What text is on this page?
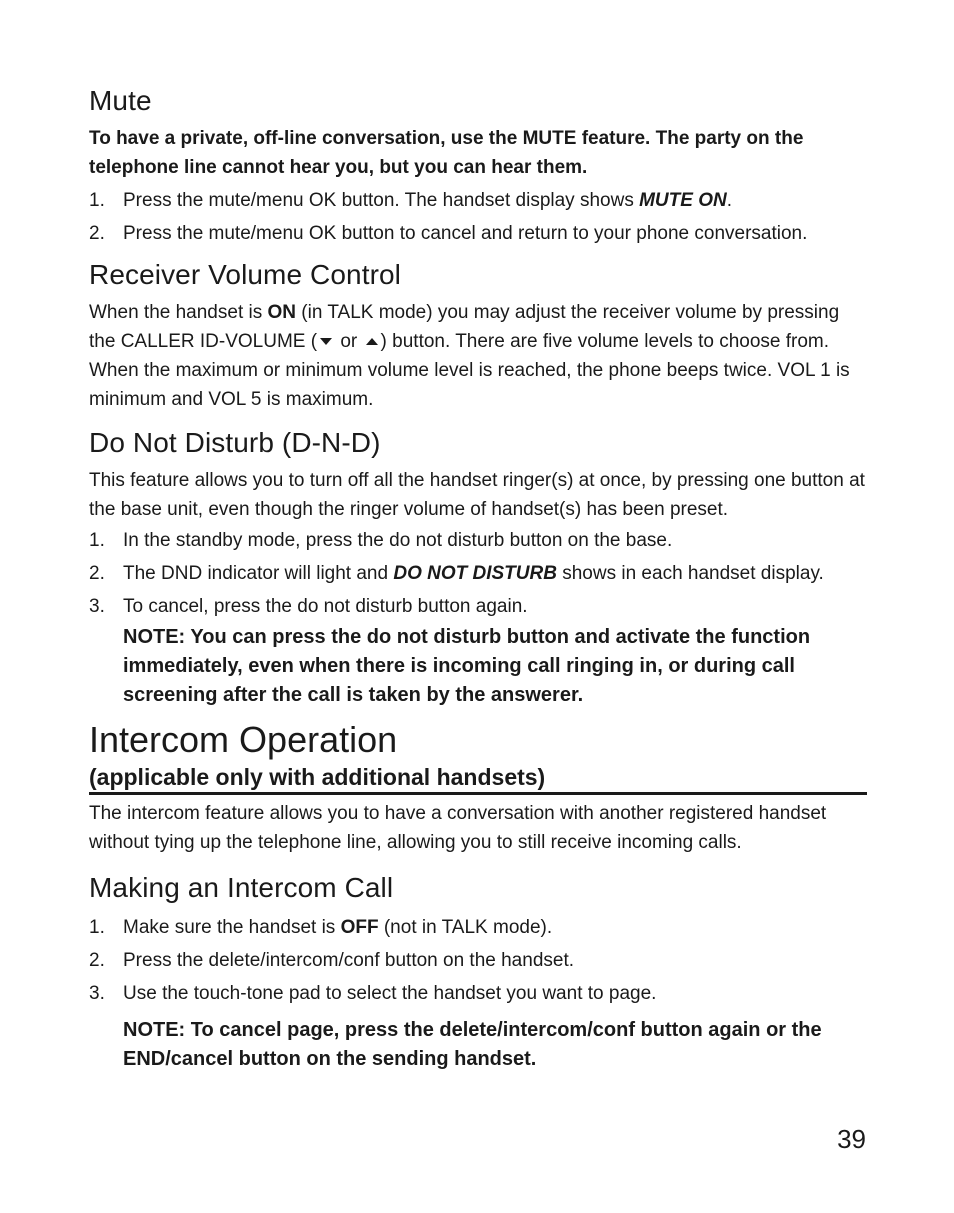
Mute

To have a private, off-line conversation, use the MUTE feature. The party on the telephone line cannot hear you, but you can hear them.

1. Press the mute/menu OK button. The handset display shows MUTE ON.
2. Press the mute/menu OK button to cancel and return to your phone conversation.
Receiver Volume Control

When the handset is ON (in TALK mode) you may adjust the receiver volume by pressing the CALLER ID-VOLUME ( or ) button. There are five volume levels to choose from. When the maximum or minimum volume level is reached, the phone beeps twice. VOL 1 is minimum and VOL 5 is maximum.

Do Not Disturb (D-N-D)

This feature allows you to turn off all the handset ringer(s) at once, by pressing one button at the base unit, even though the ringer volume of handset(s) has been preset.

1. In the standby mode, press the do not disturb button on the base.
2. The DND indicator will light and DO NOT DISTURB shows in each handset display.
3. To cancel, press the do not disturb button again.

NOTE: You can press the do not disturb button and activate the function immediately, even when there is incoming call ringing in, or during call screening after the call is taken by the answerer.

Intercom Operation
(applicable only with additional handsets)

The intercom feature allows you to have a conversation with another registered handset without tying up the telephone line, allowing you to still receive incoming calls.

Making an Intercom Call
1. Make sure the handset is OFF (not in TALK mode).
2. Press the delete/intercom/conf button on the handset.
3. Use the touch-tone pad to select the handset you want to page.

NOTE: To cancel page, press the delete/intercom/conf button again or the END/cancel button on the sending handset.

39
